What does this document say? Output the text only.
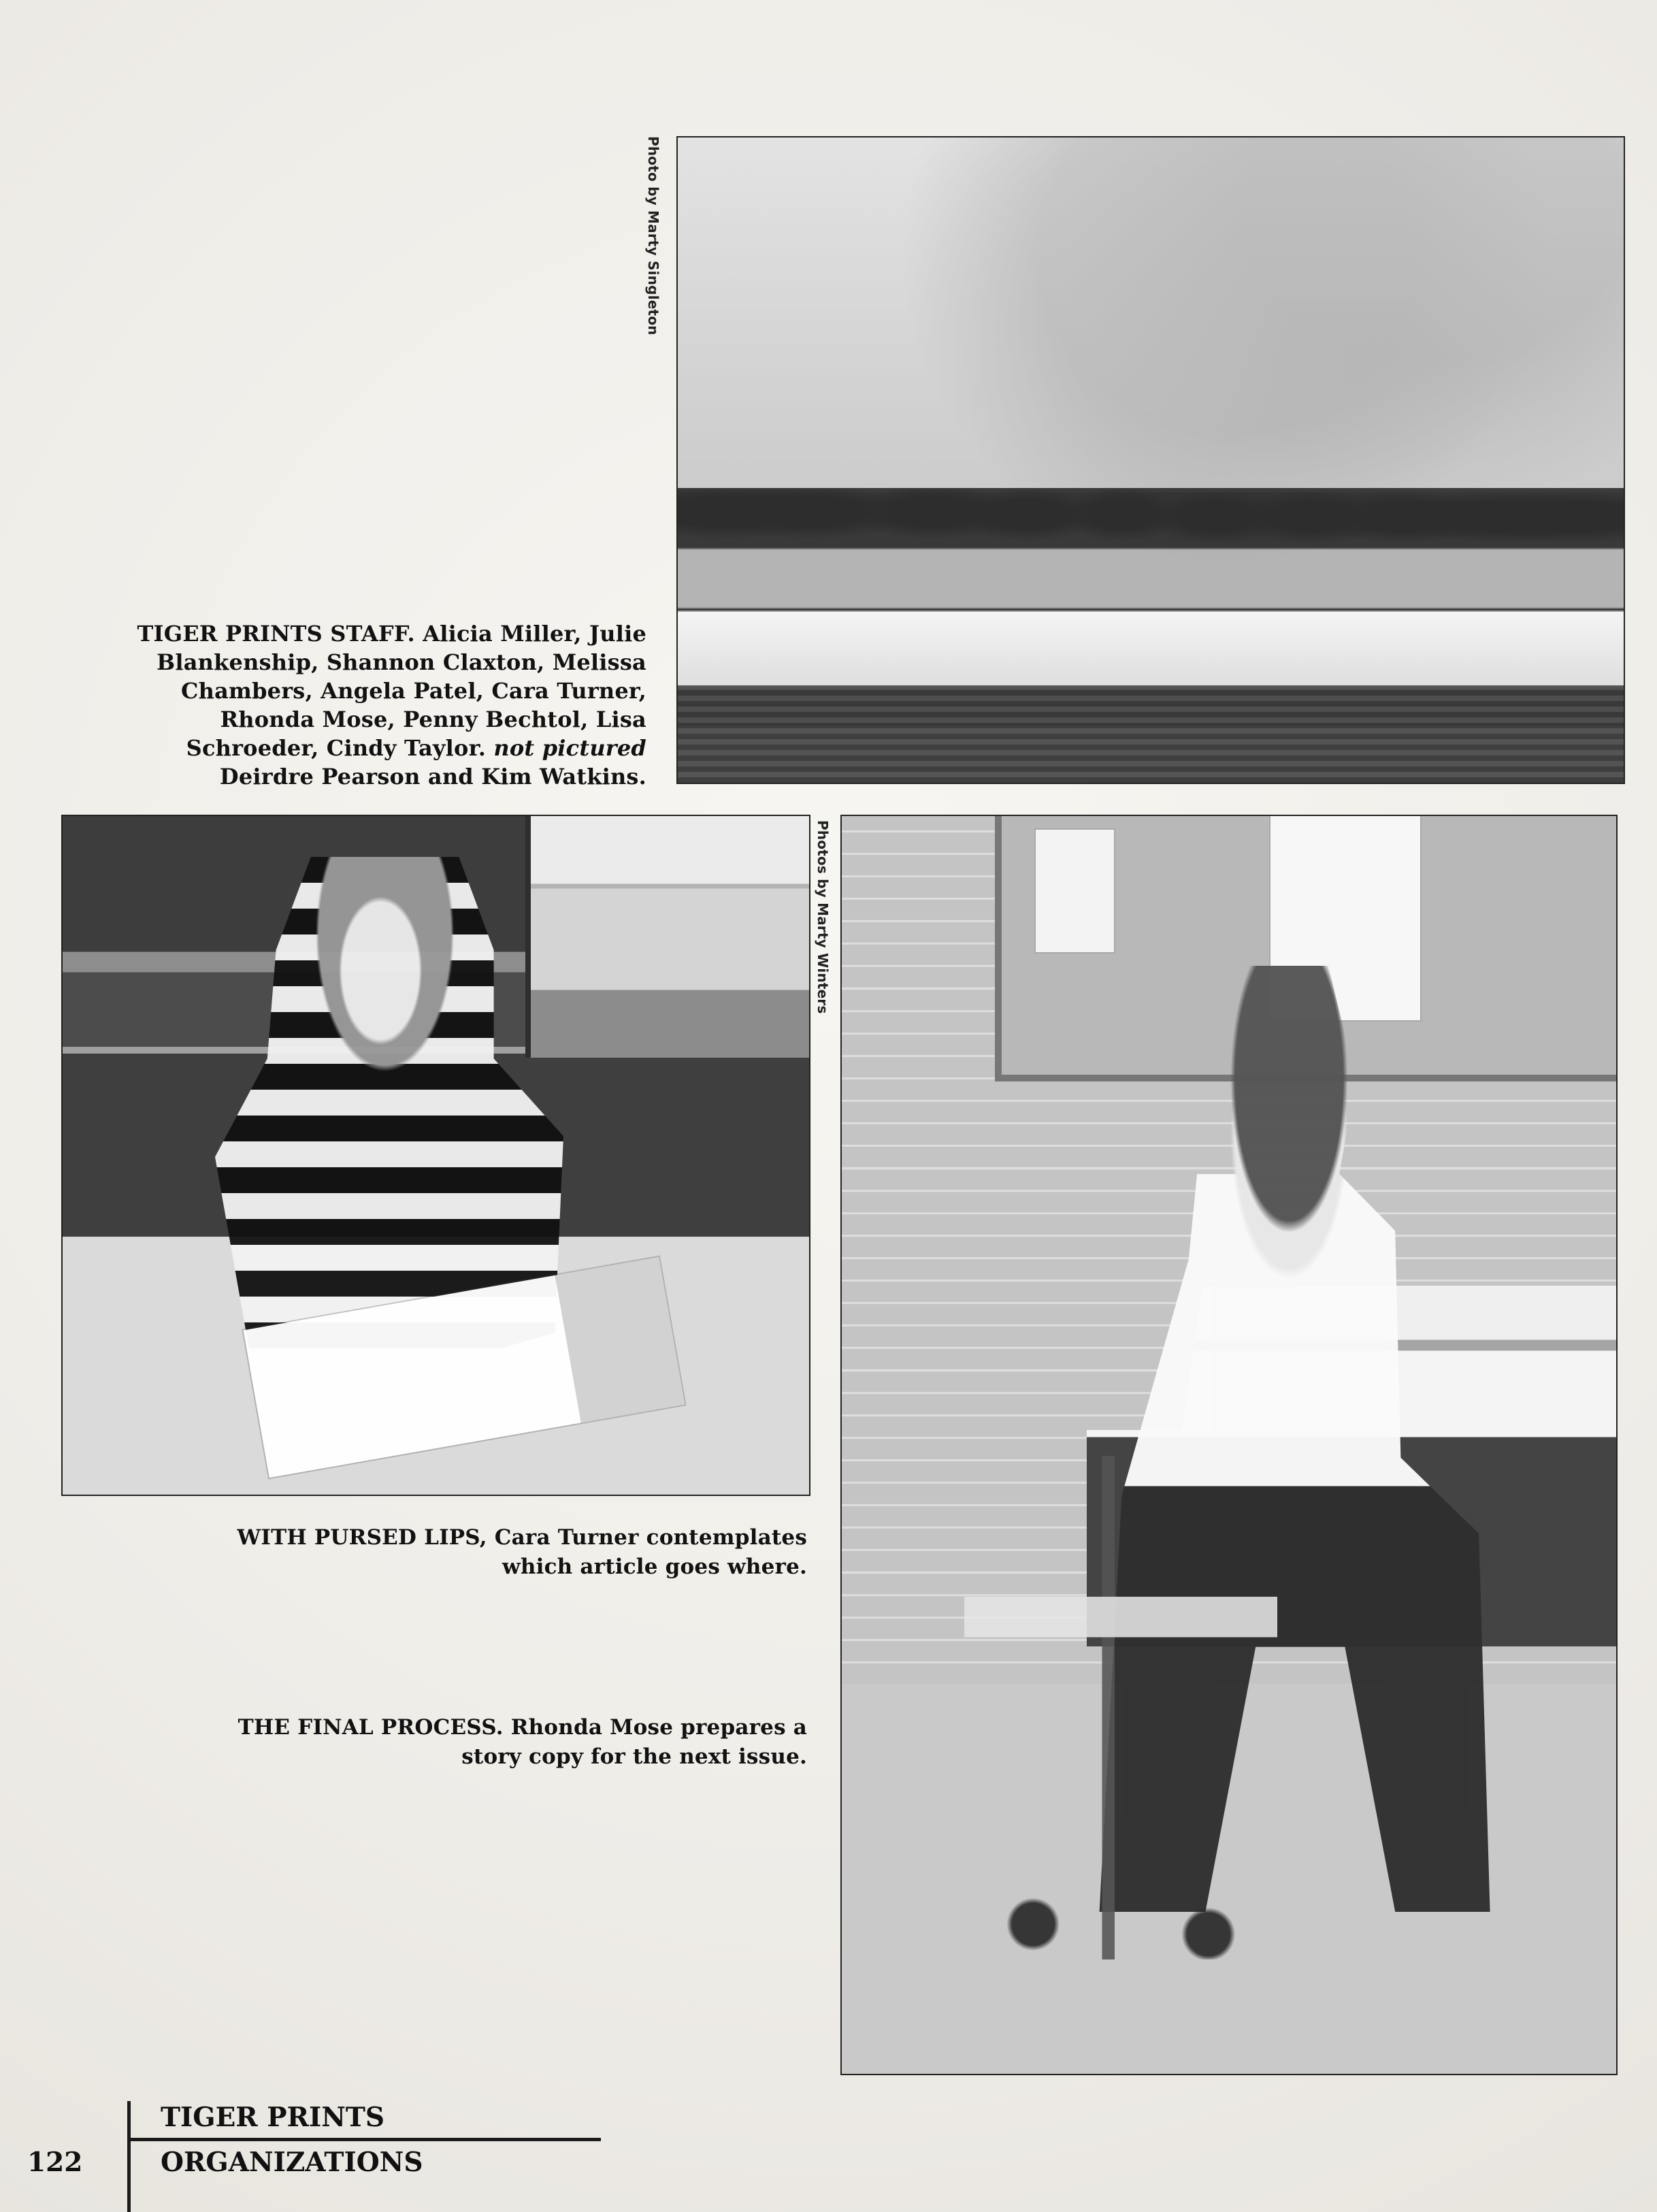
Photo by Marty Singleton

TIGER PRINTS STAFF. Alicia Miller, Julie Blankenship, Shannon Claxton, Melissa Chambers, Angela Patel, Cara Turner, Rhonda Mose, Penny Bechtol, Lisa Schroeder, Cindy Taylor. not pictured Deirdre Pearson and Kim Watkins.

Photos by Marty Winters

WITH PURSED LIPS, Cara Turner contemplates which article goes where.

THE FINAL PROCESS. Rhonda Mose prepares a story copy for the next issue.

122
TIGER PRINTS
ORGANIZATIONS
